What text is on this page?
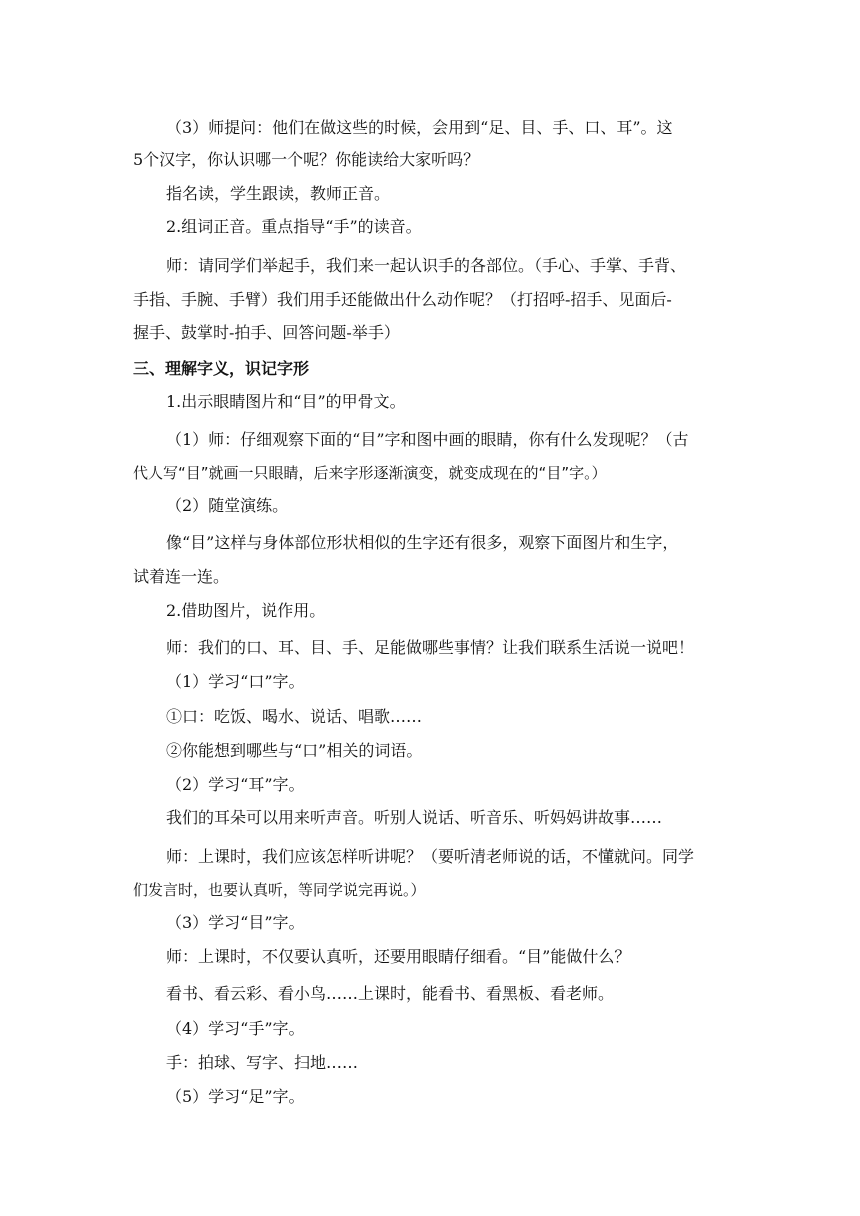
（3）师提问：他们在做这些的时候，会用到“足、目、手、口、耳”。这
5个汉字，你认识哪一个呢？你能读给大家听吗？
指名读，学生跟读，教师正音。
2.组词正音。重点指导“手”的读音。
师：请同学们举起手，我们来一起认识手的各部位。（手心、手掌、手背、
手指、手腕、手臂）我们用手还能做出什么动作呢？（打招呼-招手、见面后-
握手、鼓掌时-拍手、回答问题-举手）
三、理解字义，识记字形
1.出示眼睛图片和“目”的甲骨文。
（1）师：仔细观察下面的“目”字和图中画的眼睛，你有什么发现呢？（古
代人写“目”就画一只眼睛，后来字形逐渐演变，就变成现在的“目”字。）
（2）随堂演练。
像“目”这样与身体部位形状相似的生字还有很多，观察下面图片和生字，
试着连一连。
2.借助图片，说作用。
师：我们的口、耳、目、手、足能做哪些事情？让我们联系生活说一说吧！
（1）学习“口”字。
①口：吃饭、喝水、说话、唱歌……
②你能想到哪些与“口”相关的词语。
（2）学习“耳”字。
我们的耳朵可以用来听声音。听别人说话、听音乐、听妈妈讲故事……
师：上课时，我们应该怎样听讲呢？（要听清老师说的话，不懂就问。同学
们发言时，也要认真听，等同学说完再说。）
（3）学习“目”字。
师：上课时，不仅要认真听，还要用眼睛仔细看。“目”能做什么？
看书、看云彩、看小鸟……上课时，能看书、看黑板、看老师。
（4）学习“手”字。
手：拍球、写字、扫地……
（5）学习“足”字。
